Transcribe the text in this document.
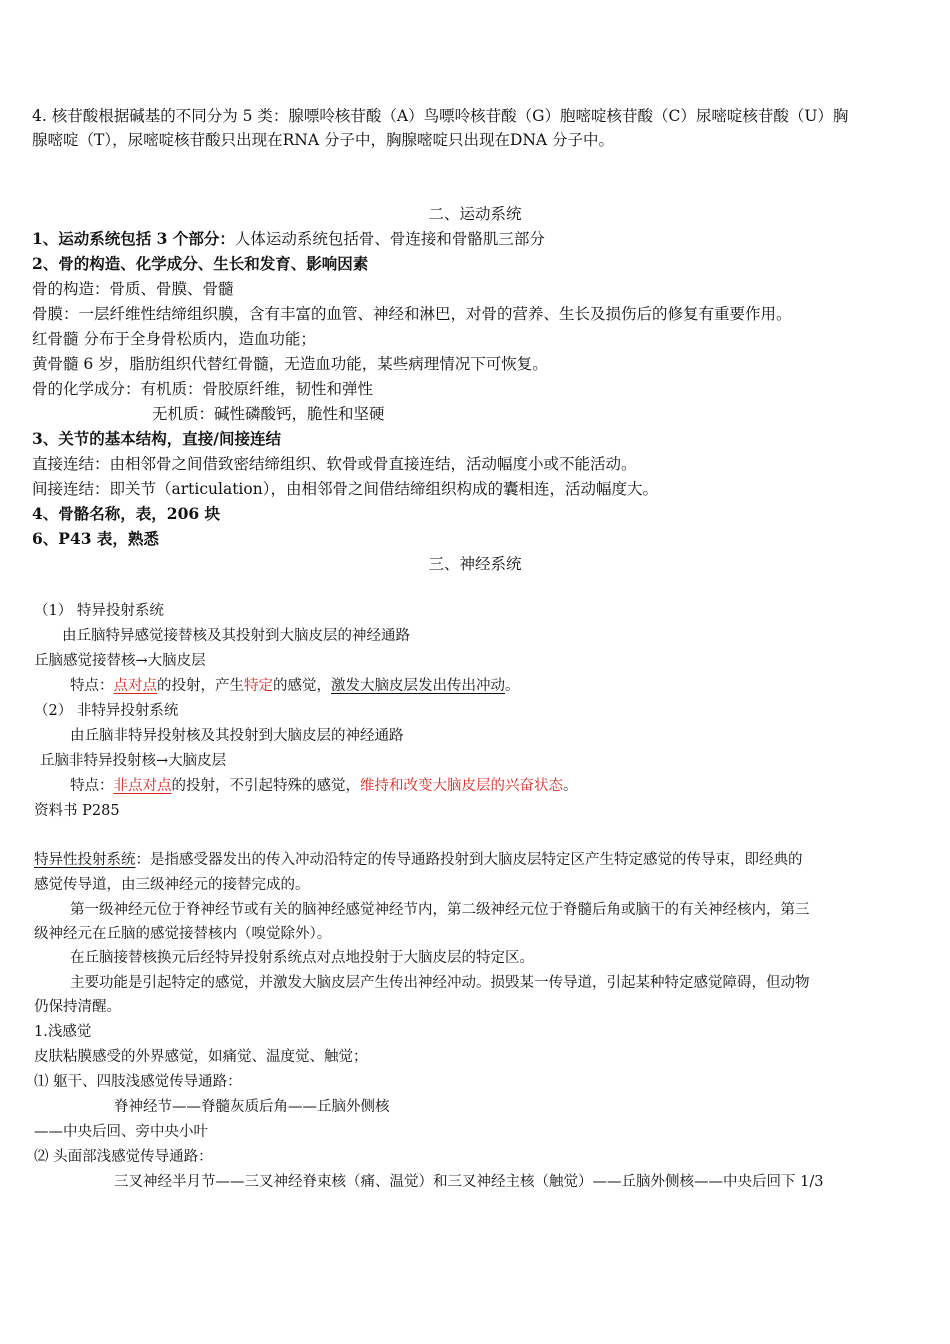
4. 核苷酸根据碱基的不同分为 5 类：腺嘌呤核苷酸（A）鸟嘌呤核苷酸（G）胞嘧啶核苷酸（C）尿嘧啶核苷酸（U）胸
腺嘧啶（T），尿嘧啶核苷酸只出现在RNA 分子中，胸腺嘧啶只出现在DNA 分子中。
二、运动系统
1、运动系统包括 3 个部分：人体运动系统包括骨、骨连接和骨骼肌三部分
2、骨的构造、化学成分、生长和发育、影响因素
骨的构造：骨质、骨膜、骨髓
骨膜：一层纤维性结缔组织膜，含有丰富的血管、神经和淋巴，对骨的营养、生长及损伤后的修复有重要作用。
红骨髓 分布于全身骨松质内，造血功能；
黄骨髓 6 岁，脂肪组织代替红骨髓，无造血功能，某些病理情况下可恢复。
骨的化学成分：有机质：骨胶原纤维，韧性和弹性
无机质：碱性磷酸钙，脆性和坚硬
3、关节的基本结构，直接/间接连结
直接连结：由相邻骨之间借致密结缔组织、软骨或骨直接连结，活动幅度小或不能活动。
间接连结：即关节（articulation），由相邻骨之间借结缔组织构成的囊相连，活动幅度大。
4、骨骼名称，表，206 块
6、P43 表，熟悉
三、神经系统
（1） 特异投射系统
由丘脑特异感觉接替核及其投射到大脑皮层的神经通路
丘脑感觉接替核→大脑皮层
特点：点对点的投射，产生特定的感觉，激发大脑皮层发出传出冲动。
（2） 非特异投射系统
由丘脑非特异投射核及其投射到大脑皮层的神经通路
丘脑非特异投射核→大脑皮层
特点：非点对点的投射，不引起特殊的感觉，维持和改变大脑皮层的兴奋状态。
资料书 P285
特异性投射系统：是指感受器发出的传入冲动沿特定的传导通路投射到大脑皮层特定区产生特定感觉的传导束，即经典的
感觉传导道，由三级神经元的接替完成的。
第一级神经元位于脊神经节或有关的脑神经感觉神经节内，第二级神经元位于脊髓后角或脑干的有关神经核内，第三
级神经元在丘脑的感觉接替核内（嗅觉除外）。
在丘脑接替核换元后经特异投射系统点对点地投射于大脑皮层的特定区。
主要功能是引起特定的感觉，并激发大脑皮层产生传出神经冲动。损毁某一传导道，引起某种特定感觉障碍，但动物
仍保持清醒。
1.浅感觉
皮肤粘膜感受的外界感觉，如痛觉、温度觉、触觉；
⑴ 躯干、四肢浅感觉传导通路：
脊神经节——脊髓灰质后角——丘脑外侧核
——中央后回、旁中央小叶
⑵ 头面部浅感觉传导通路：
三叉神经半月节——三叉神经脊束核（痛、温觉）和三叉神经主核（触觉）——丘脑外侧核——中央后回下 1/3
